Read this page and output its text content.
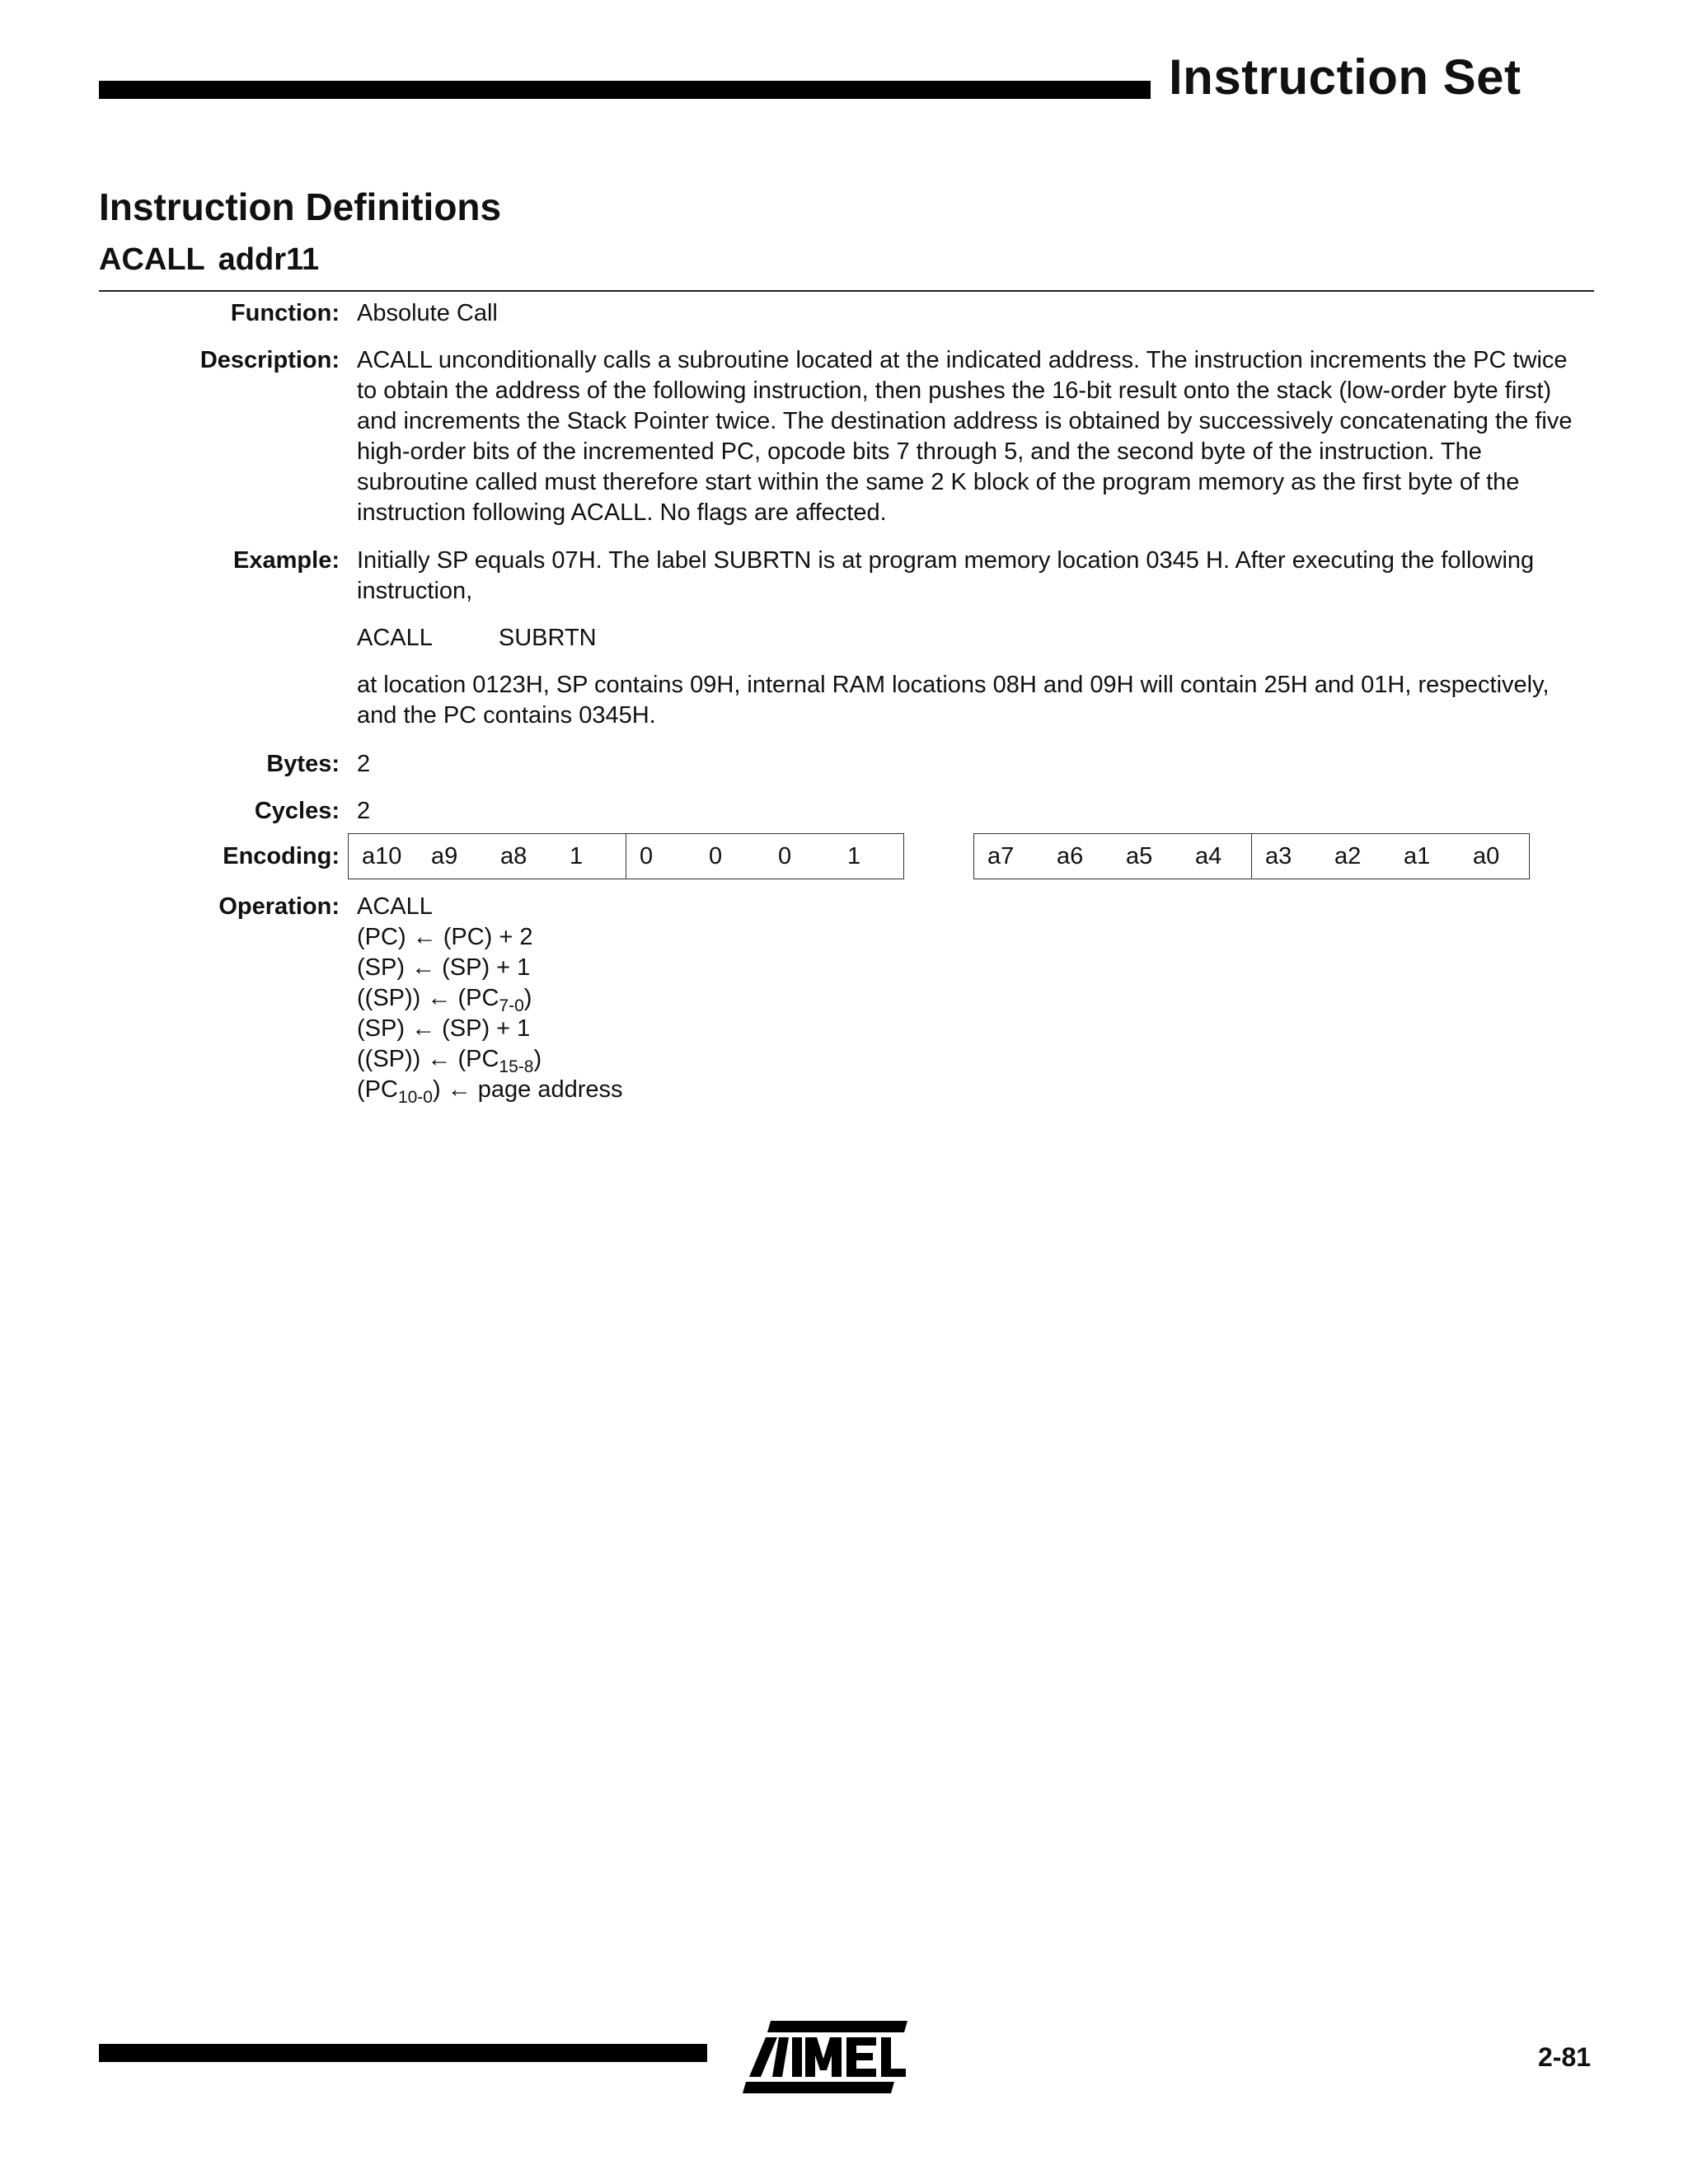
Instruction Set
Instruction Definitions
ACALL addr11
Function: Absolute Call
Description: ACALL unconditionally calls a subroutine located at the indicated address. The instruction increments the PC twice to obtain the address of the following instruction, then pushes the 16-bit result onto the stack (low-order byte first) and increments the Stack Pointer twice. The destination address is obtained by successively concatenating the five high-order bits of the incremented PC, opcode bits 7 through 5, and the second byte of the instruction. The subroutine called must therefore start within the same 2 K block of the program memory as the first byte of the instruction following ACALL. No flags are affected.
Example: Initially SP equals 07H. The label SUBRTN is at program memory location 0345 H. After executing the following instruction,
ACALL	SUBRTN
at location 0123H, SP contains 09H, internal RAM locations 08H and 09H will contain 25H and 01H, respectively, and the PC contains 0345H.
Bytes: 2
Cycles: 2
Encoding: a10	a9	a8	1	0	0	0	1	a7	a6	a5	a4	a3	a2	a1	a0
Operation: ACALL

(PC) ← (PC) + 2

(SP) ← (SP) + 1

((SP)) ← $(PC_{7-0})$

(SP) ← (SP) + 1

((SP)) ← $(PC_{15-8})$

$(PC_{10-0})$ ← page address

2-81
